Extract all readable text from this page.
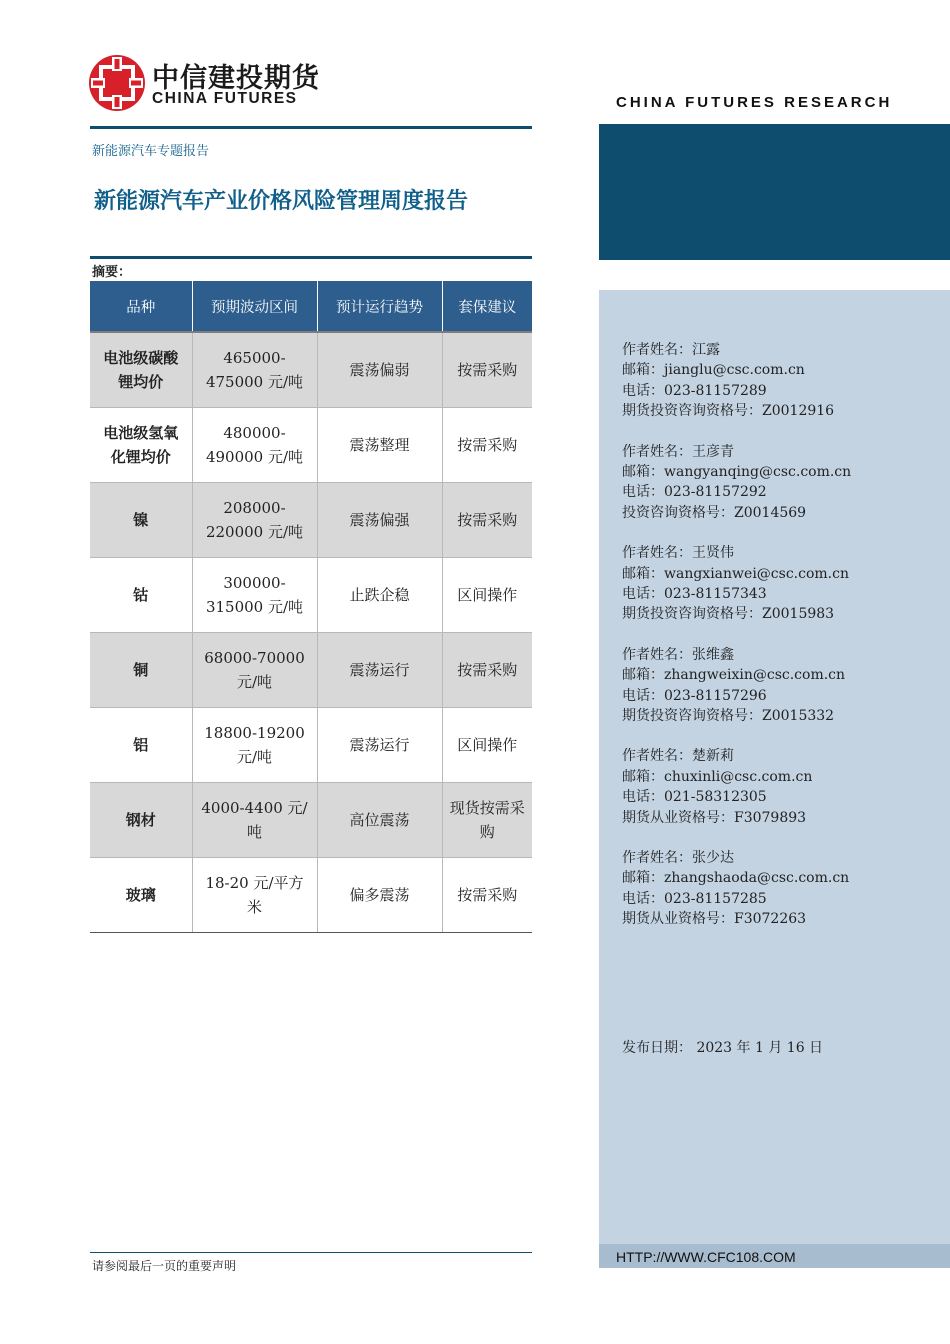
中信建投期货
CHINA FUTURES	CHINA FUTURES RESEARCH
新能源汽车专题报告
新能源汽车产业价格风险管理周度报告
摘要：
HTTP://WWW.CFC108.COM
品种	预期波动区间	预计运行趋势	套保建议
电池级碳酸锂均价	465000-475000 元/吨	震荡偏弱	按需采购
电池级氢氧化锂均价	480000-490000 元/吨	震荡整理	按需采购
镍	208000-220000 元/吨	震荡偏强	按需采购
钴	300000-315000 元/吨	止跌企稳	区间操作
铜	68000-70000 元/吨	震荡运行	按需采购
铝	18800-19200 元/吨	震荡运行	区间操作
钢材	4000-4400 元/吨	高位震荡	现货按需采购
玻璃	18-20 元/平方米	偏多震荡	按需采购
作者姓名：江露
邮箱：jianglu@csc.com.cn
电话：023-81157289
期货投资咨询资格号：Z0012916
作者姓名：王彦青
邮箱：wangyanqing@csc.com.cn
电话：023-81157292
投资咨询资格号：Z0014569
作者姓名：王贤伟
邮箱：wangxianwei@csc.com.cn
电话：023-81157343
期货投资咨询资格号：Z0015983
作者姓名：张维鑫
邮箱：zhangweixin@csc.com.cn
电话：023-81157296
期货投资咨询资格号：Z0015332
作者姓名：楚新莉
邮箱：chuxinli@csc.com.cn
电话：021-58312305
期货从业资格号：F3079893
作者姓名：张少达
邮箱：zhangshaoda@csc.com.cn
电话：023-81157285
期货从业资格号：F3072263
发布日期： 2023 年 1 月 16 日
请参阅最后一页的重要声明
